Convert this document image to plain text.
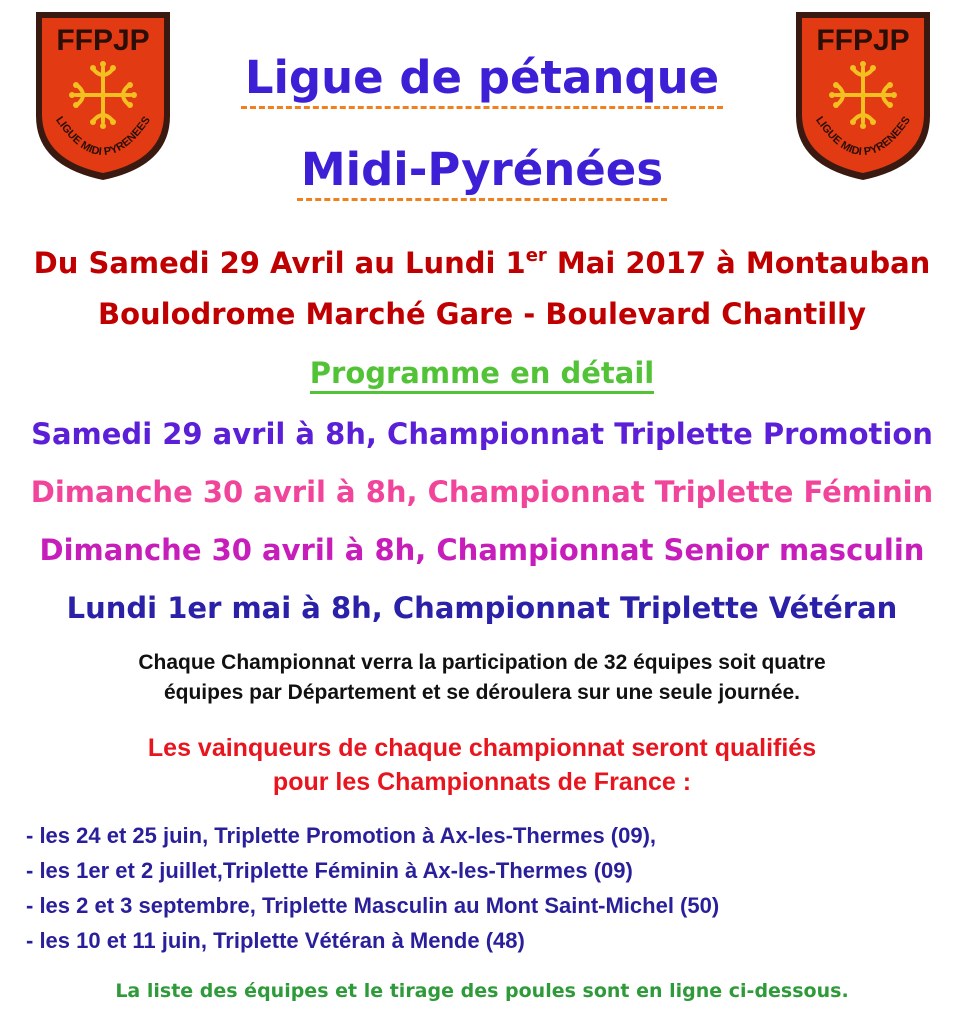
FFPJP
LIGUE MIDI PYRENEES
FFPJP
LIGUE MIDI PYRENEES
Ligue de pétanque
Midi-Pyrénées
Du Samedi 29 Avril au Lundi 1er Mai 2017 à Montauban
Boulodrome Marché Gare - Boulevard Chantilly
Programme en détail
Samedi 29 avril à 8h, Championnat Triplette Promotion
Dimanche 30 avril à 8h, Championnat Triplette Féminin
Dimanche 30 avril à 8h, Championnat Senior masculin
Lundi 1er mai à 8h, Championnat Triplette Vétéran
Chaque Championnat verra la participation de 32 équipes soit quatre
équipes par Département et se déroulera sur une seule journée.
Les vainqueurs de chaque championnat seront qualifiés
pour les Championnats de France :
- les 24 et 25 juin, Triplette Promotion à Ax-les-Thermes (09),
- les 1er et 2 juillet,Triplette Féminin à Ax-les-Thermes (09)
- les 2 et 3 septembre, Triplette Masculin au Mont Saint-Michel (50)
- les 10 et 11 juin, Triplette Vétéran à Mende (48)
La liste des équipes et le tirage des poules sont en ligne ci-dessous.
